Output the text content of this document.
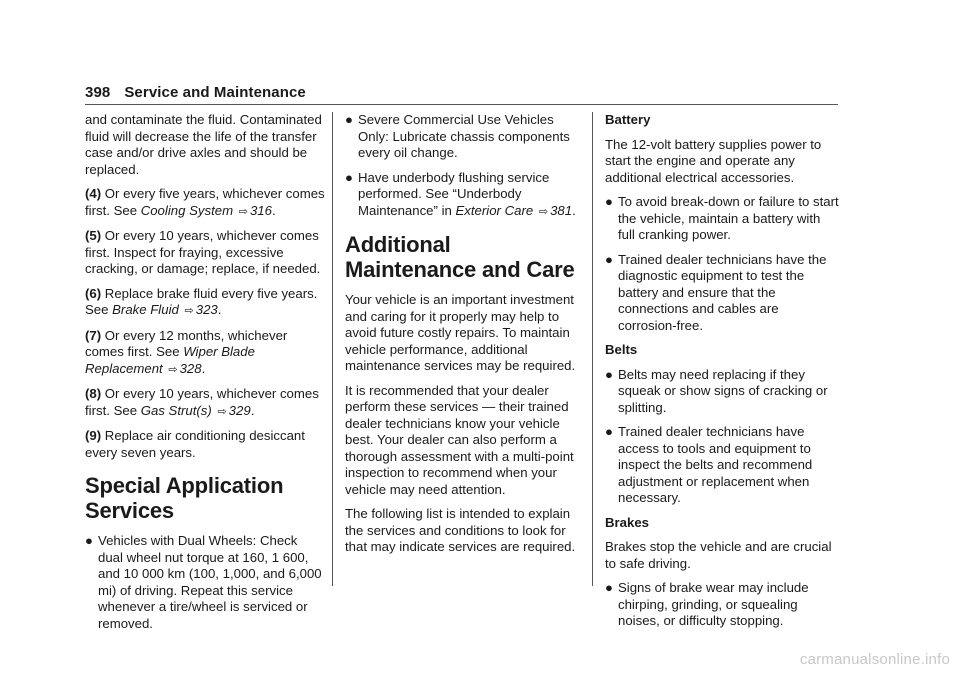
398 Service and Maintenance

and contaminate the fluid. Contaminated fluid will decrease the life of the transfer case and/or drive axles and should be replaced.

(4) Or every five years, whichever comes first. See Cooling System ⇨ 316.

(5) Or every 10 years, whichever comes first. Inspect for fraying, excessive cracking, or damage; replace, if needed.

(6) Replace brake fluid every five years. See Brake Fluid ⇨ 323.

(7) Or every 12 months, whichever comes first. See Wiper Blade Replacement ⇨ 328.

(8) Or every 10 years, whichever comes first. See Gas Strut(s) ⇨ 329.

(9) Replace air conditioning desiccant every seven years.

Special Application Services
● Vehicles with Dual Wheels: Check dual wheel nut torque at 160, 1 600, and 10 000 km (100, 1,000, and 6,000 mi) of driving. Repeat this service whenever a tire/wheel is serviced or removed.
● Severe Commercial Use Vehicles Only: Lubricate chassis components every oil change.
● Have underbody flushing service performed. See “Underbody Maintenance” in Exterior Care ⇨ 381.
Additional Maintenance and Care

Your vehicle is an important investment and caring for it properly may help to avoid future costly repairs. To maintain vehicle performance, additional maintenance services may be required.

It is recommended that your dealer perform these services — their trained dealer technicians know your vehicle best. Your dealer can also perform a thorough assessment with a multi-point inspection to recommend when your vehicle may need attention.

The following list is intended to explain the services and conditions to look for that may indicate services are required.

Battery

The 12-volt battery supplies power to start the engine and operate any additional electrical accessories.

● To avoid break-down or failure to start the vehicle, maintain a battery with full cranking power.
● Trained dealer technicians have the diagnostic equipment to test the battery and ensure that the connections and cables are corrosion-free.
Belts
● Belts may need replacing if they squeak or show signs of cracking or splitting.
● Trained dealer technicians have access to tools and equipment to inspect the belts and recommend adjustment or replacement when necessary.
Brakes

Brakes stop the vehicle and are crucial to safe driving.

● Signs of brake wear may include chirping, grinding, or squealing noises, or difficulty stopping.
carmanualsonline.info
